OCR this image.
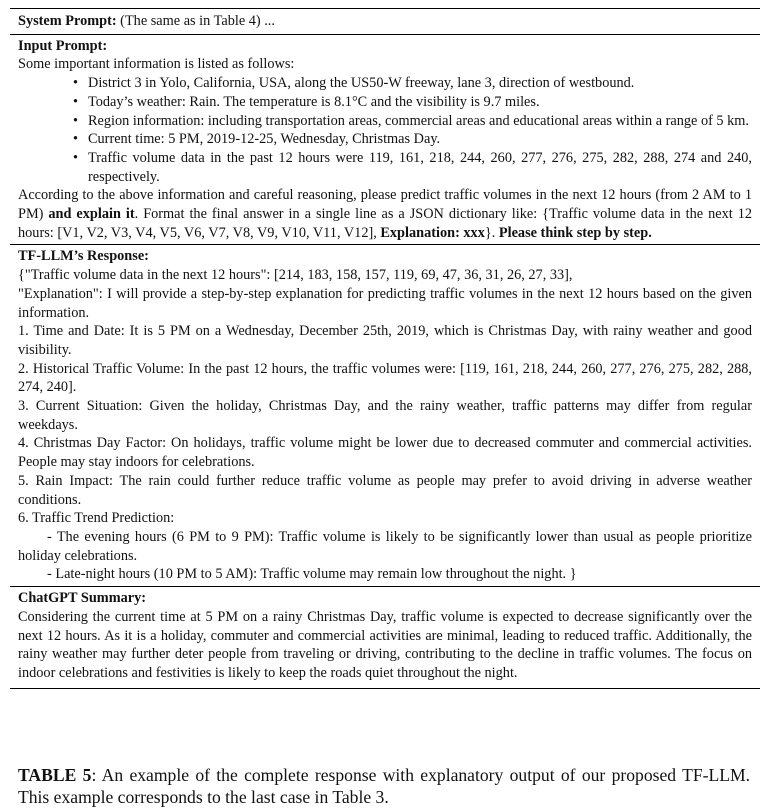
System Prompt: (The same as in Table 4) ...
Input Prompt:
Some important information is listed as follows:
• District 3 in Yolo, California, USA, along the US50-W freeway, lane 3, direction of westbound.
• Today’s weather: Rain. The temperature is 8.1°C and the visibility is 9.7 miles.
• Region information: including transportation areas, commercial areas and educational areas within a range of 5 km.
• Current time: 5 PM, 2019-12-25, Wednesday, Christmas Day.
• Traffic volume data in the past 12 hours were 119, 161, 218, 244, 260, 277, 276, 275, 282, 288, 274 and 240, respectively.
According to the above information and careful reasoning, please predict traffic volumes in the next 12 hours (from 2 AM to 1 PM) and explain it. Format the final answer in a single line as a JSON dictionary like: {Traffic volume data in the next 12 hours: [V1, V2, V3, V4, V5, V6, V7, V8, V9, V10, V11, V12], Explanation: xxx}. Please think step by step.
TF-LLM’s Response:
{"Traffic volume data in the next 12 hours": [214, 183, 158, 157, 119, 69, 47, 36, 31, 26, 27, 33],
"Explanation": I will provide a step-by-step explanation for predicting traffic volumes in the next 12 hours based on the given information.
1. Time and Date: It is 5 PM on a Wednesday, December 25th, 2019, which is Christmas Day, with rainy weather and good visibility.
2. Historical Traffic Volume: In the past 12 hours, the traffic volumes were: [119, 161, 218, 244, 260, 277, 276, 275, 282, 288, 274, 240].
3. Current Situation: Given the holiday, Christmas Day, and the rainy weather, traffic patterns may differ from regular weekdays.
4. Christmas Day Factor: On holidays, traffic volume might be lower due to decreased commuter and commercial activities. People may stay indoors for celebrations.
5. Rain Impact: The rain could further reduce traffic volume as people may prefer to avoid driving in adverse weather conditions.
6. Traffic Trend Prediction:
- The evening hours (6 PM to 9 PM): Traffic volume is likely to be significantly lower than usual as people prioritize holiday celebrations.
- Late-night hours (10 PM to 5 AM): Traffic volume may remain low throughout the night. }
ChatGPT Summary:
Considering the current time at 5 PM on a rainy Christmas Day, traffic volume is expected to decrease significantly over the next 12 hours. As it is a holiday, commuter and commercial activities are minimal, leading to reduced traffic. Additionally, the rainy weather may further deter people from traveling or driving, contributing to the decline in traffic volumes. The focus on indoor celebrations and festivities is likely to keep the roads quiet throughout the night.
TABLE 5: An example of the complete response with explanatory output of our proposed TF-LLM. This example corresponds to the last case in Table 3.
